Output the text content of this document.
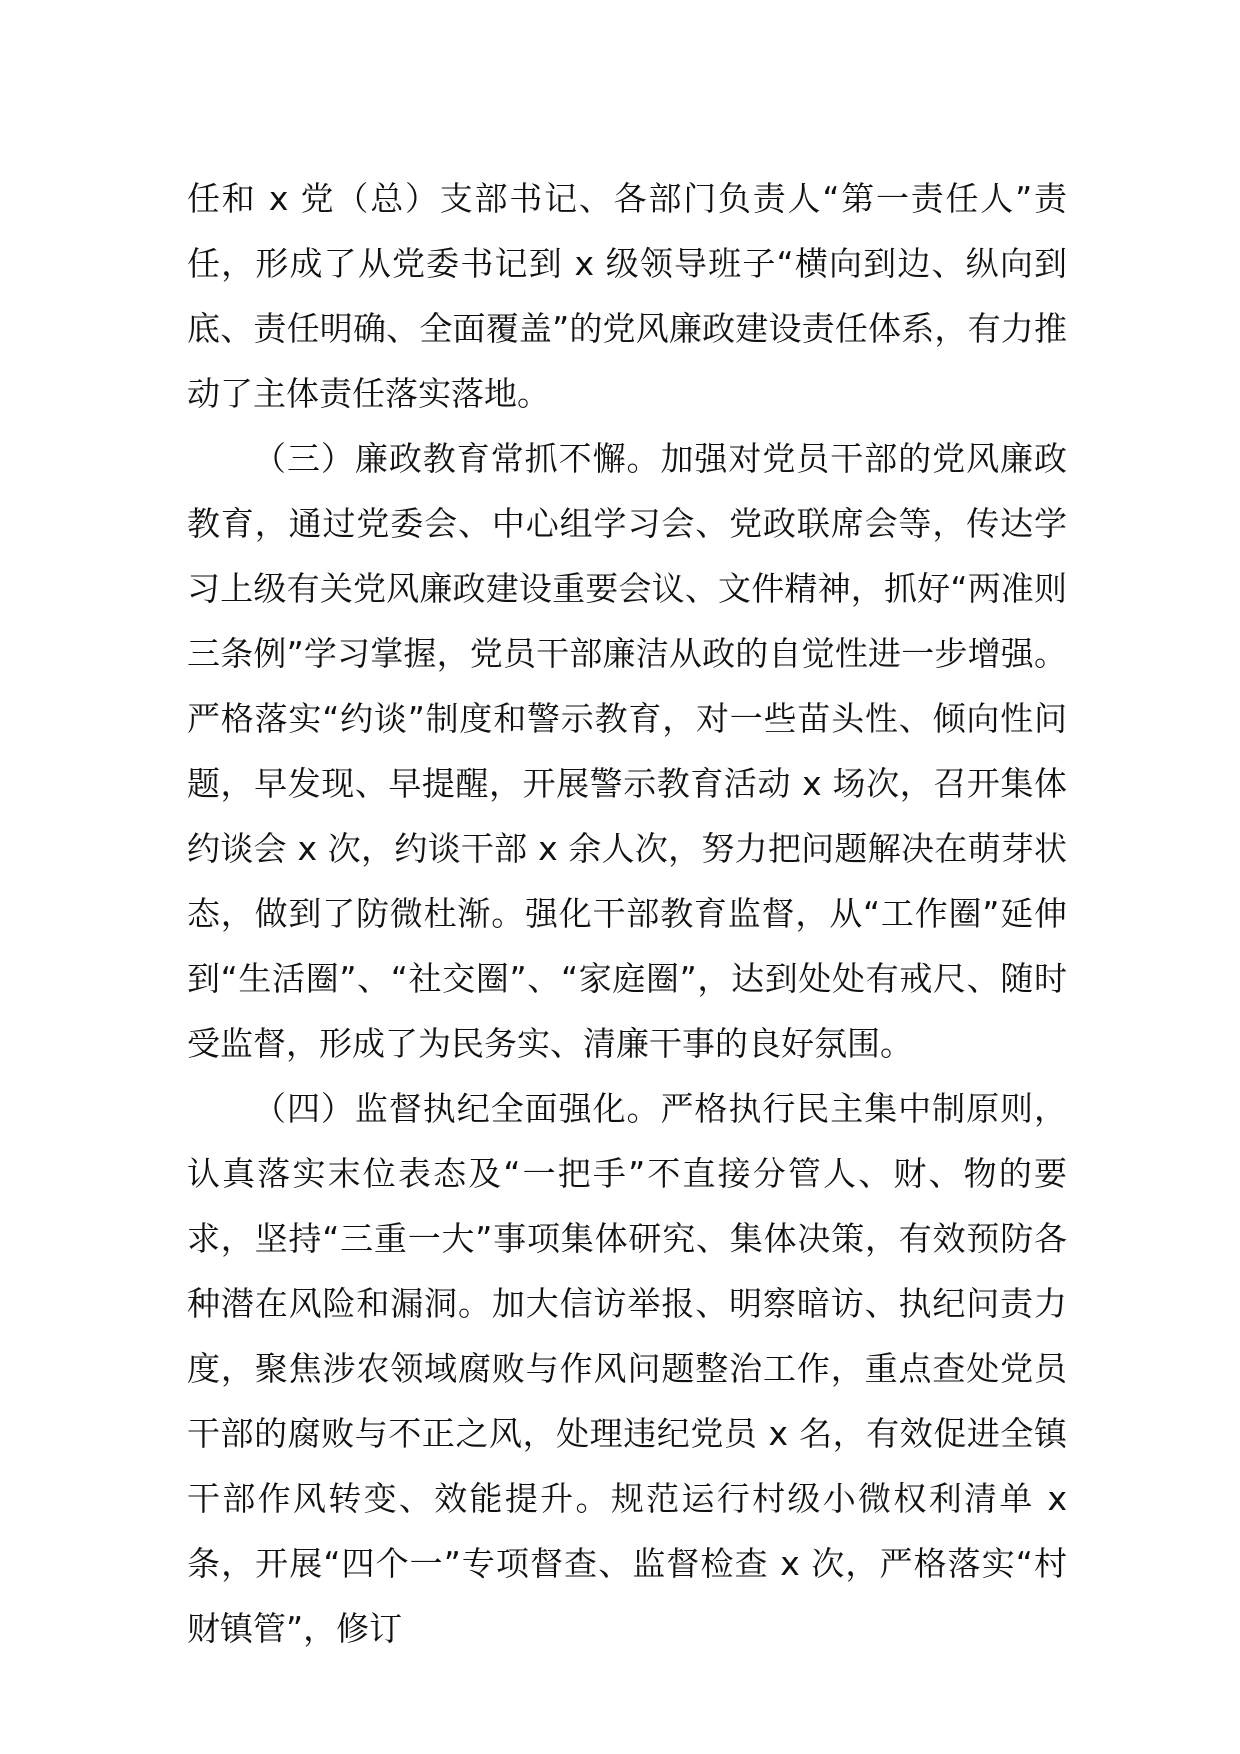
任和 x 党（总）支部书记、各部门负责人“第一责任人”责任，形成了从党委书记到 x 级领导班子“横向到边、纵向到底、责任明确、全面覆盖”的党风廉政建设责任体系，有力推动了主体责任落实落地。

（三）廉政教育常抓不懈。加强对党员干部的党风廉政教育，通过党委会、中心组学习会、党政联席会等，传达学习上级有关党风廉政建设重要会议、文件精神，抓好“两准则三条例”学习掌握，党员干部廉洁从政的自觉性进一步增强。严格落实“约谈”制度和警示教育，对一些苗头性、倾向性问题，早发现、早提醒，开展警示教育活动 x 场次，召开集体约谈会 x 次，约谈干部 x 余人次，努力把问题解决在萌芽状态，做到了防微杜渐。强化干部教育监督，从“工作圈”延伸到“生活圈”、“社交圈”、“家庭圈”，达到处处有戒尺、随时受监督，形成了为民务实、清廉干事的良好氛围。

（四）监督执纪全面强化。严格执行民主集中制原则，认真落实末位表态及“一把手”不直接分管人、财、物的要求，坚持“三重一大”事项集体研究、集体决策，有效预防各种潜在风险和漏洞。加大信访举报、明察暗访、执纪问责力度，聚焦涉农领域腐败与作风问题整治工作，重点查处党员干部的腐败与不正之风，处理违纪党员 x 名，有效促进全镇干部作风转变、效能提升。规范运行村级小微权利清单 x 条，开展“四个一”专项督查、监督检查 x 次，严格落实“村财镇管”，修订
